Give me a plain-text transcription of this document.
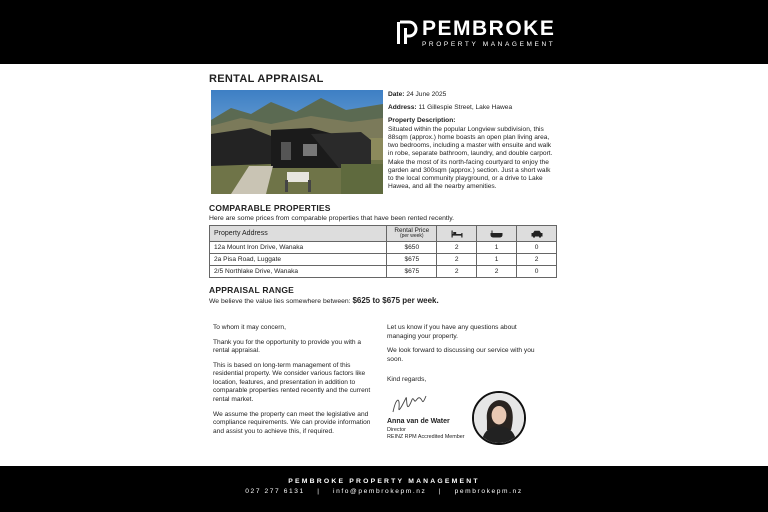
PEMBROKE
PROPERTY MANAGEMENT
RENTAL APPRAISAL
Date: 24 June 2025
Address: 11 Gillespie Street, Lake Hawea
Property Description:
Situated within the popular Longview subdivision, this 88sqm (approx.) home boasts an open plan living area, two bedrooms, including a master with ensuite and walk in robe, separate bathroom, laundry, and double carport. Make the most of its north-facing courtyard to enjoy the garden and 300sqm (approx.) section. Just a short walk to the local community playground, or a drive to Lake Hawea, and all the nearby amenities.
COMPARABLE PROPERTIES
Here are some prices from comparable properties that have been rented recently.
Property Address	Rental Price
(per week)

12a Mount Iron Drive, Wanaka	$650	2	1	0
2a Pisa Road, Luggate	$675	2	1	2
2/5 Northlake Drive, Wanaka	$675	2	2	0
APPRAISAL RANGE
We believe the value lies somewhere between: $625 to $675 per week.

To whom it may concern,

Thank you for the opportunity to provide you with a rental appraisal.

This is based on long-term management of this residential property. We consider various factors like location, features, and presentation in addition to comparable properties rented recently and the current rental market.

We assume the property can meet the legislative and compliance requirements. We can provide information and assist you to achieve this, if required.

Let us know if you have any questions about managing your property.

We look forward to discussing our service with you soon.

Kind regards,

Anna van de Water
Director
REINZ RPM Accredited Member
PEMBROKE PROPERTY MANAGEMENT
027 277 6131 | info@pembrokepm.nz | pembrokepm.nz
